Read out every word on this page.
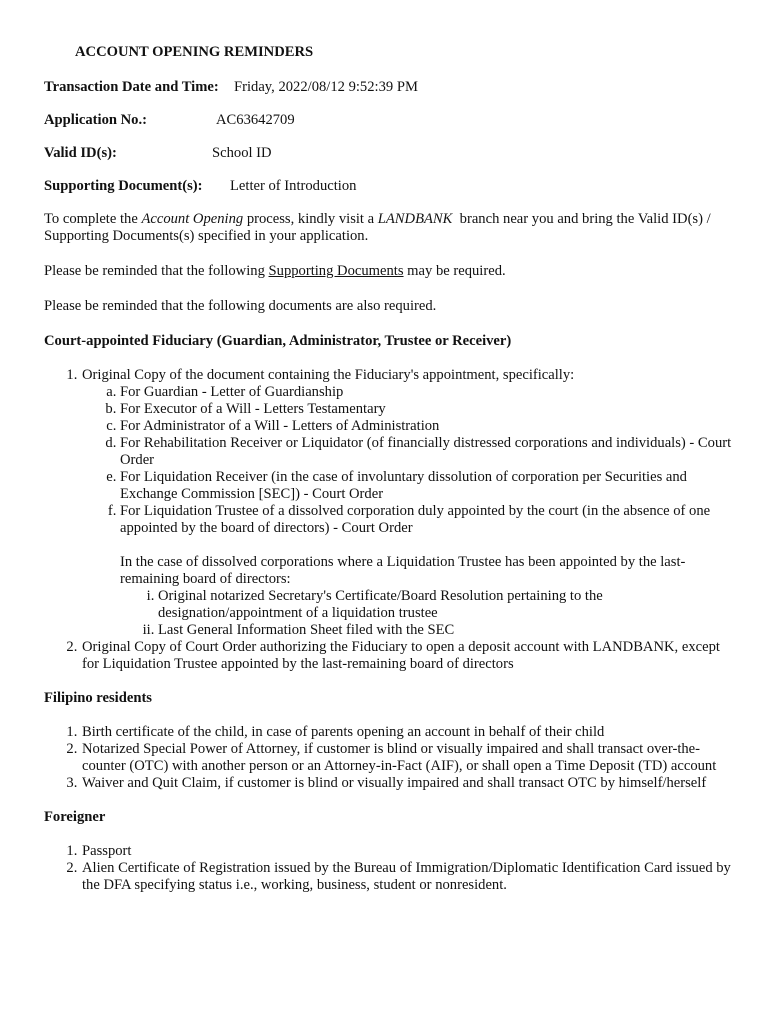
ACCOUNT OPENING REMINDERS
Transaction Date and Time: Friday, 2022/08/12 9:52:39 PM
Application No.:	AC63642709
Valid ID(s):	School ID
Supporting Document(s): Letter of Introduction

To complete the Account Opening process, kindly visit a LANDBANK  branch near you and bring the Valid ID(s) / Supporting Documents(s) specified in your application.

Please be reminded that the following Supporting Documents may be required.

Please be reminded that the following documents are also required.

Court-appointed Fiduciary (Guardian, Administrator, Trustee or Receiver)

1. Original Copy of the document containing the Fiduciary's appointment, specifically:
a. For Guardian - Letter of Guardianship
b. For Executor of a Will - Letters Testamentary
c. For Administrator of a Will - Letters of Administration
d. For Rehabilitation Receiver or Liquidator (of financially distressed corporations and individuals) - Court Order
e. For Liquidation Receiver (in the case of involuntary dissolution of corporation per Securities and Exchange Commission [SEC]) - Court Order
f. For Liquidation Trustee of a dissolved corporation duly appointed by the court (in the absence of one appointed by the board of directors) - Court Order
In the case of dissolved corporations where a Liquidation Trustee has been appointed by the last-remaining board of directors:
i. Original notarized Secretary's Certificate/Board Resolution pertaining to the designation/appointment of a liquidation trustee
ii. Last General Information Sheet filed with the SEC
2. Original Copy of Court Order authorizing the Fiduciary to open a deposit account with LANDBANK, except for Liquidation Trustee appointed by the last-remaining board of directors

Filipino residents

1. Birth certificate of the child, in case of parents opening an account in behalf of their child
2. Notarized Special Power of Attorney, if customer is blind or visually impaired and shall transact over-the-counter (OTC) with another person or an Attorney-in-Fact (AIF), or shall open a Time Deposit (TD) account
3. Waiver and Quit Claim, if customer is blind or visually impaired and shall transact OTC by himself/herself

Foreigner

1. Passport
2. Alien Certificate of Registration issued by the Bureau of Immigration/Diplomatic Identification Card issued by the DFA specifying status i.e., working, business, student or nonresident.
